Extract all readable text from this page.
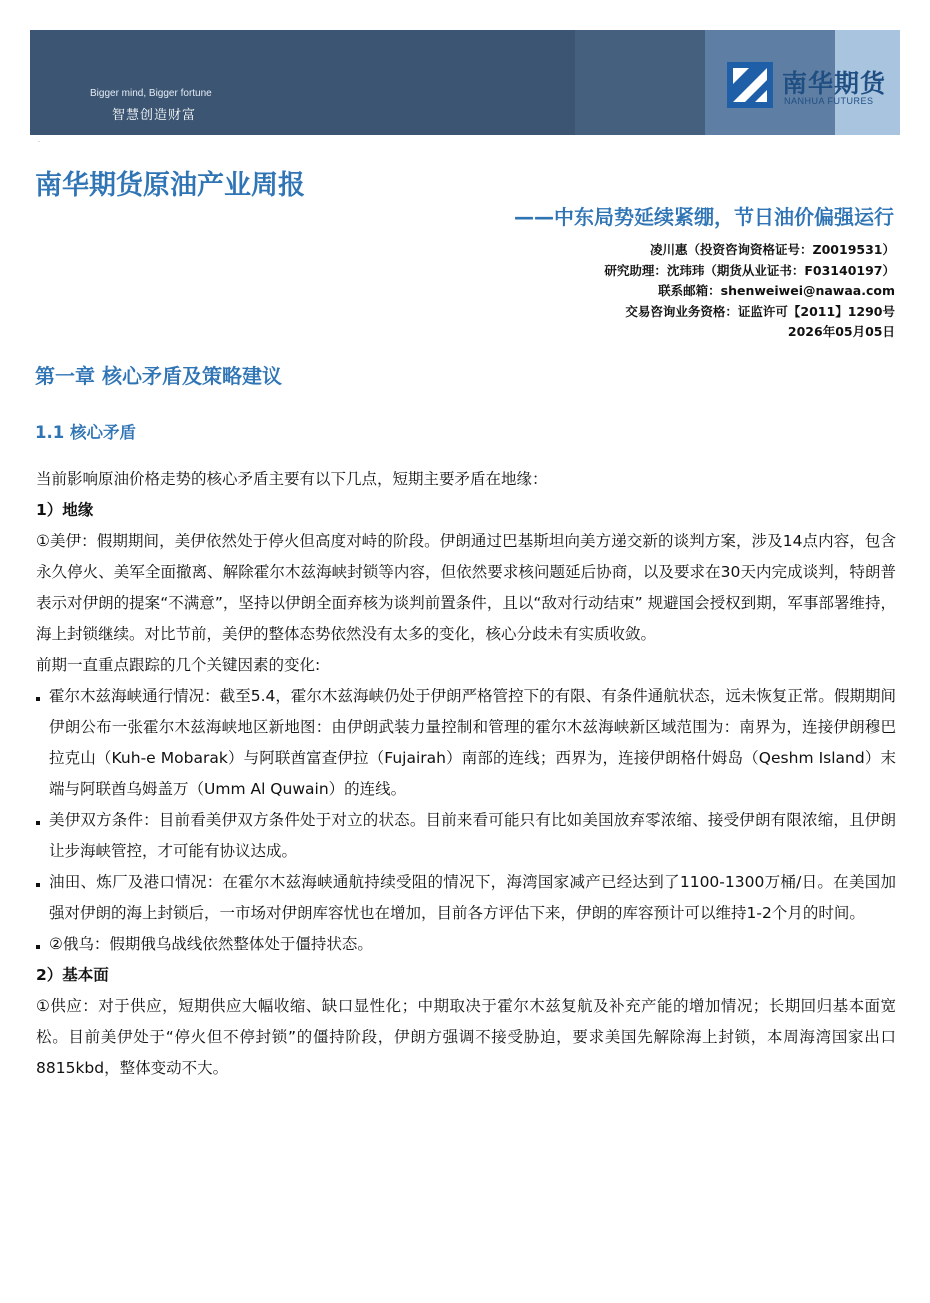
Bigger mind, Bigger fortune
智慧创造财富
南华期货
NANHUA FUTURES
·
南华期货原油产业周报
——中东局势延续紧绷，节日油价偏强运行
凌川惠（投资咨询资格证号：Z0019531）
研究助理：沈玮玮（期货从业证书：F03140197）
联系邮箱：shenweiwei@nawaa.com
交易咨询业务资格：证监许可【2011】1290号
2026年05月05日
第一章 核心矛盾及策略建议
1.1 核心矛盾

当前影响原油价格走势的核心矛盾主要有以下几点，短期主要矛盾在地缘：

1）地缘

①美伊：假期期间，美伊依然处于停火但高度对峙的阶段。伊朗通过巴基斯坦向美方递交新的谈判方案，涉及14点内容，包含永久停火、美军全面撤离、解除霍尔木兹海峡封锁等内容，但依然要求核问题延后协商，以及要求在30天内完成谈判，特朗普表示对伊朗的提案“不满意”，坚持以伊朗全面弃核为谈判前置条件，且以“敌对行动结束” 规避国会授权到期，军事部署维持，海上封锁继续。对比节前，美伊的整体态势依然没有太多的变化，核心分歧未有实质收敛。

前期一直重点跟踪的几个关键因素的变化:

霍尔木兹海峡通行情况：截至5.4，霍尔木兹海峡仍处于伊朗严格管控下的有限、有条件通航状态，远未恢复正常。假期期间伊朗公布一张霍尔木兹海峡地区新地图：由伊朗武装力量控制和管理的霍尔木兹海峡新区域范围为：南界为，连接伊朗穆巴拉克山（Kuh-e Mobarak）与阿联酋富查伊拉（Fujairah）南部的连线；西界为，连接伊朗格什姆岛（Qeshm Island）末端与阿联酋乌姆盖万（Umm Al Quwain）的连线。

美伊双方条件：目前看美伊双方条件处于对立的状态。目前来看可能只有比如美国放弃零浓缩、接受伊朗有限浓缩，且伊朗让步海峡管控，才可能有协议达成。

油田、炼厂及港口情况：在霍尔木兹海峡通航持续受阻的情况下，海湾国家减产已经达到了1100-1300万桶/日。在美国加强对伊朗的海上封锁后，一市场对伊朗库容忧也在增加，目前各方评估下来，伊朗的库容预计可以维持1-2个月的时间。

②俄乌：假期俄乌战线依然整体处于僵持状态。

2）基本面

①供应：对于供应，短期供应大幅收缩、缺口显性化；中期取决于霍尔木兹复航及补充产能的增加情况；长期回归基本面宽松。目前美伊处于“停火但不停封锁”的僵持阶段，伊朗方强调不接受胁迫，要求美国先解除海上封锁，本周海湾国家出口8815kbd，整体变动不大。
